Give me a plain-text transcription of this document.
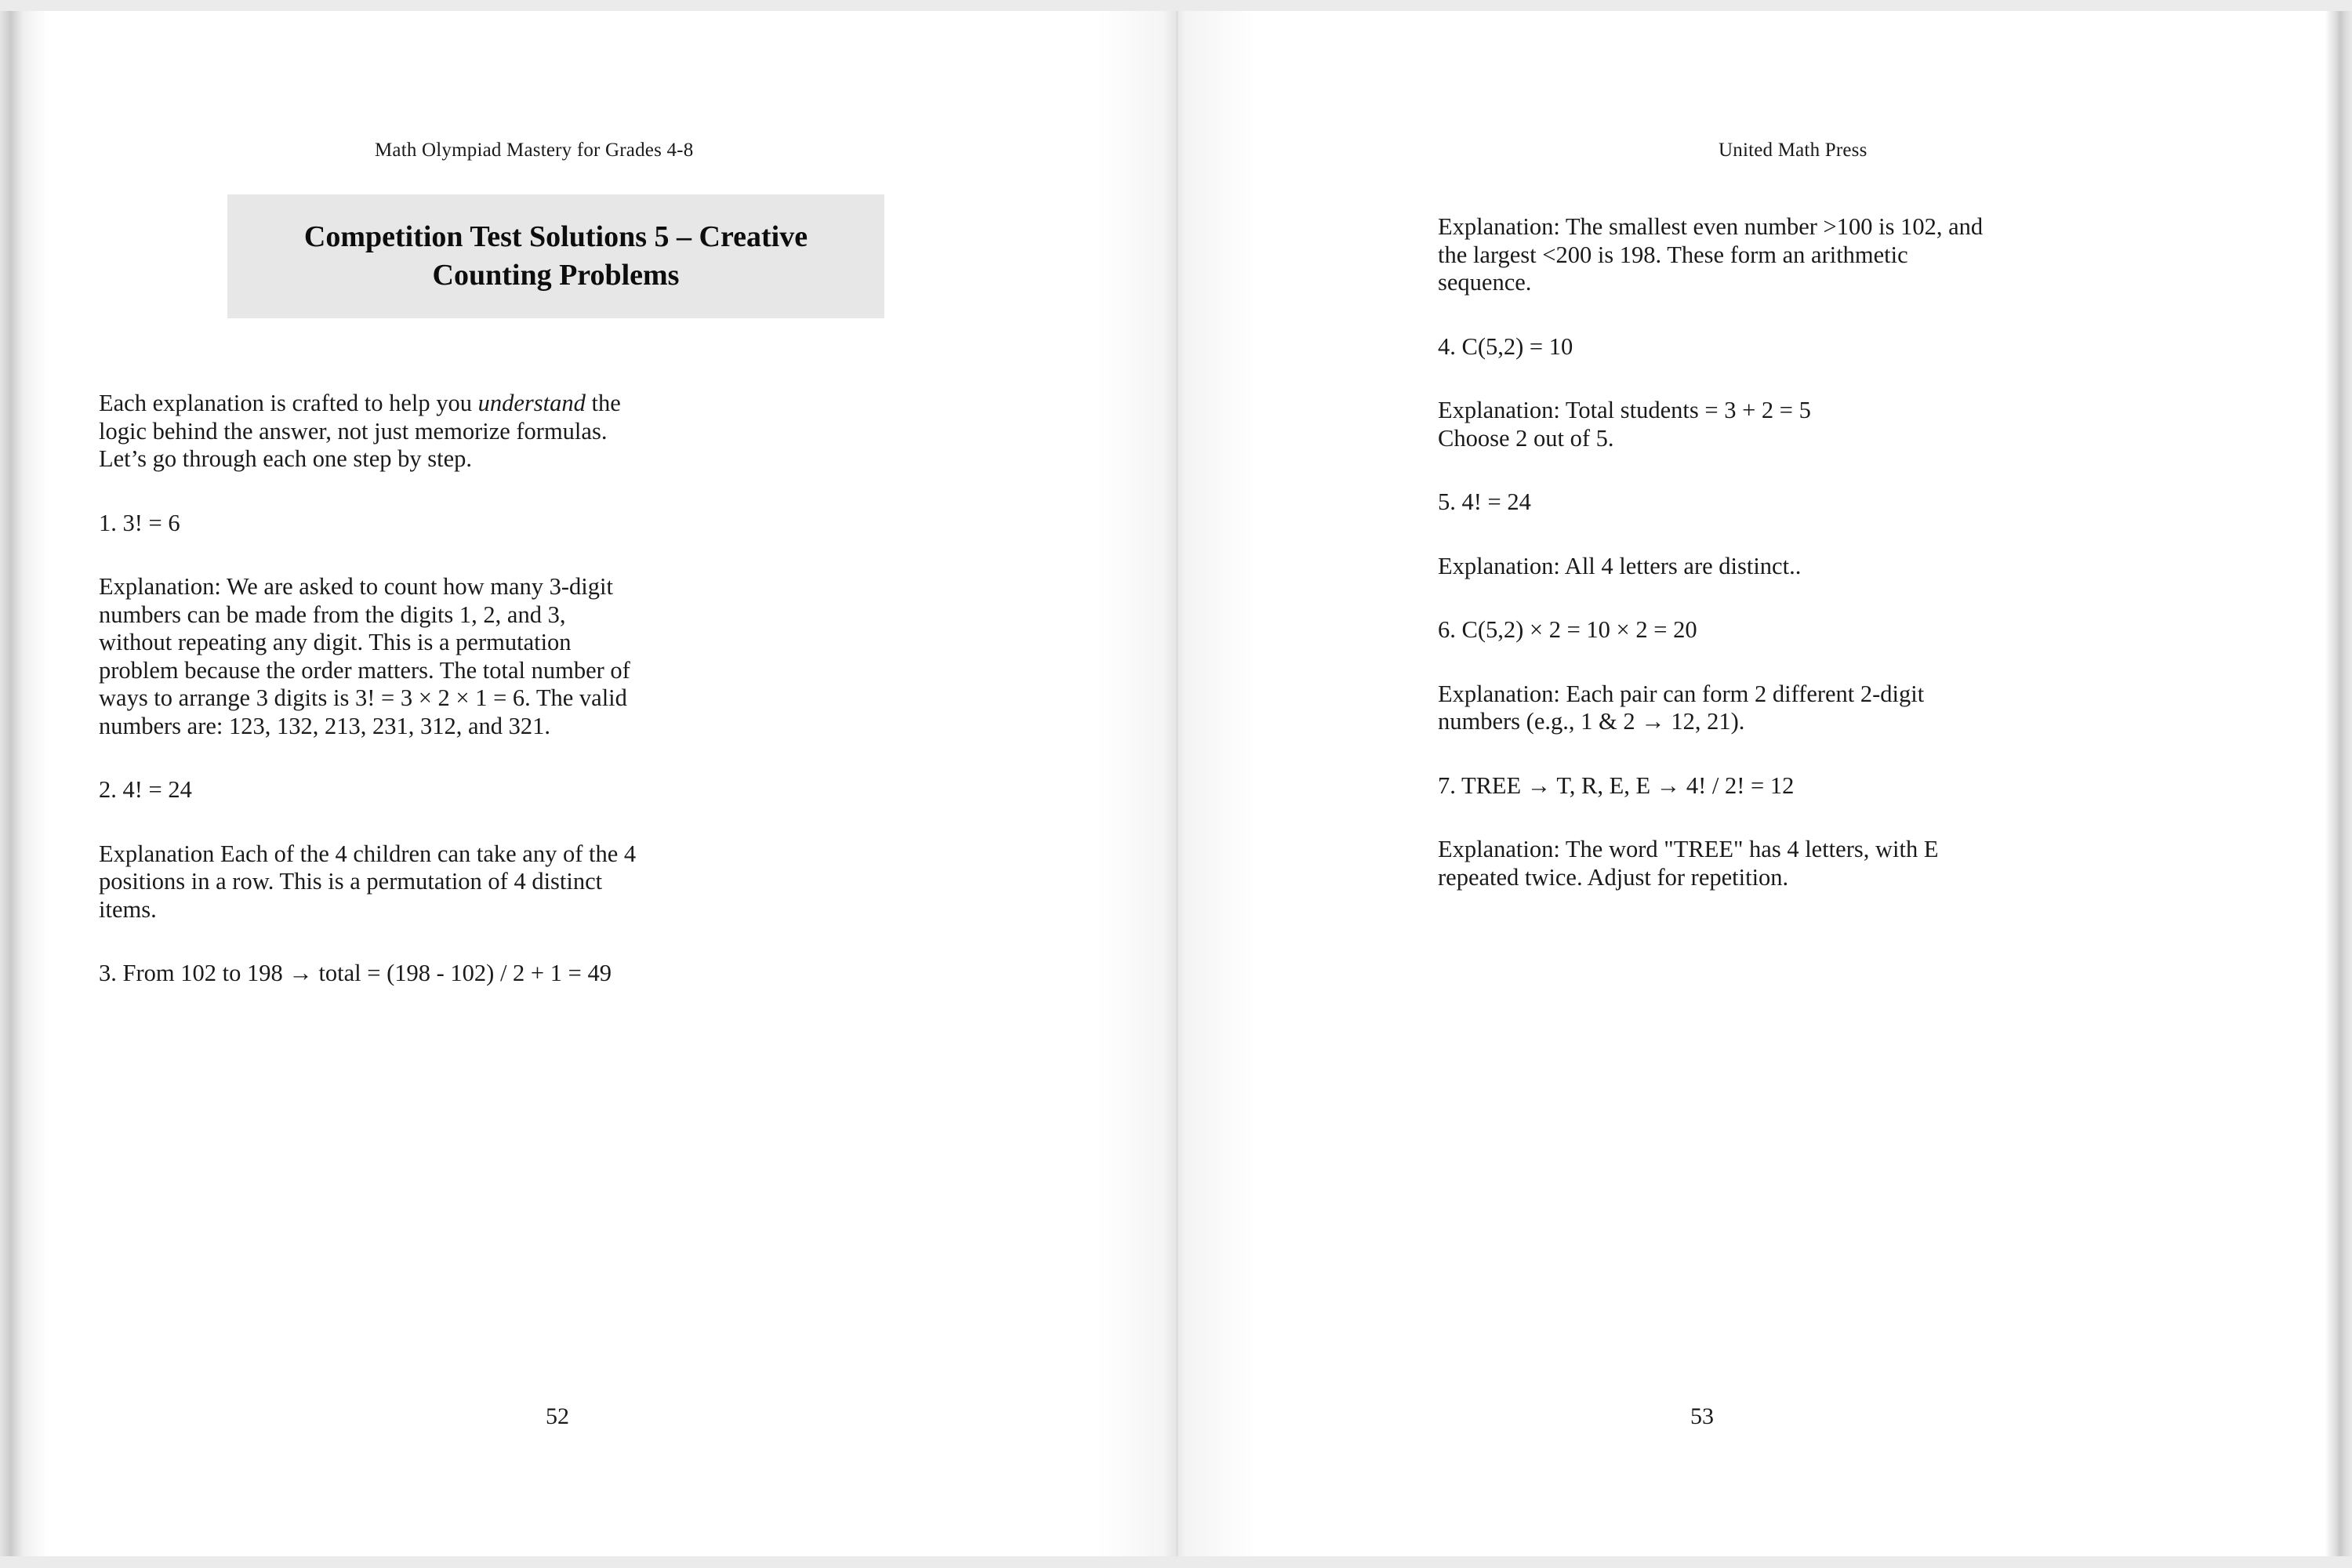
Math Olympiad Mastery for Grades 4-8
Competition Test Solutions 5 – Creative Counting Problems

Each explanation is crafted to help you understand the logic behind the answer, not just memorize formulas. Let’s go through each one step by step.

1. 3! = 6

Explanation: We are asked to count how many 3-digit numbers can be made from the digits 1, 2, and 3, without repeating any digit. This is a permutation problem because the order matters. The total number of ways to arrange 3 digits is 3! = 3 × 2 × 1 = 6. The valid numbers are: 123, 132, 213, 231, 312, and 321.

2. 4! = 24

Explanation Each of the 4 children can take any of the 4 positions in a row. This is a permutation of 4 distinct items.

3. From 102 to 198 → total = (198 - 102) / 2 + 1 = 49

52
United Math Press

Explanation: The smallest even number >100 is 102, and the largest <200 is 198. These form an arithmetic sequence.

4. C(5,2) = 10

Explanation: Total students = 3 + 2 = 5

Choose 2 out of 5.

5. 4! = 24

Explanation: All 4 letters are distinct..

6. C(5,2) × 2 = 10 × 2 = 20

Explanation: Each pair can form 2 different 2-digit numbers (e.g., 1 & 2 → 12, 21).

7. TREE → T, R, E, E → 4! / 2! = 12

Explanation: The word "TREE" has 4 letters, with E repeated twice. Adjust for repetition.

53
